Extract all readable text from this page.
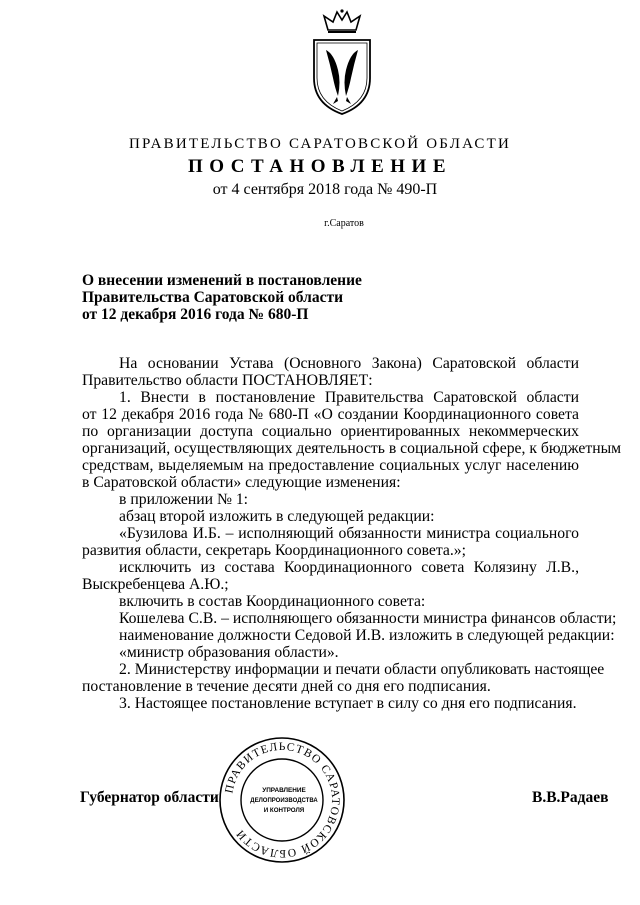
ПРАВИТЕЛЬСТВО САРАТОВСКОЙ ОБЛАСТИ
ПОСТАНОВЛЕНИЕ
от 4 сентября 2018 года № 490-П
г.Саратов
О внесении изменений в постановление
Правительства Саратовской области
от 12 декабря 2016 года № 680-П
На основании Устава (Основного Закона) Саратовской области
Правительство области ПОСТАНОВЛЯЕТ:
1. Внести в постановление Правительства Саратовской области
от 12 декабря 2016 года № 680-П «О создании Координационного совета
по организации доступа социально ориентированных некоммерческих
организаций, осуществляющих деятельность в социальной сфере, к бюджетным
средствам, выделяемым на предоставление социальных услуг населению
в Саратовской области» следующие изменения:
в приложении № 1:
абзац второй изложить в следующей редакции:
«Бузилова И.Б. – исполняющий обязанности министра социального
развития области, секретарь Координационного совета.»;
исключить из состава Координационного совета Колязину Л.В.,
Выскребенцева А.Ю.;
включить в состав Координационного совета:
Кошелева С.В. – исполняющего обязанности министра финансов области;
наименование должности Седовой И.В. изложить в следующей редакции:
«министр образования области».
2. Министерству информации и печати области опубликовать настоящее
постановление в течение десяти дней со дня его подписания.
3. Настоящее постановление вступает в силу со дня его подписания.
ПРАВИТЕЛЬСТВО САРАТОВСКОЙ ОБЛАСТИ
УПРАВЛЕНИЕ
ДЕЛОПРОИЗВОДСТВА
И КОНТРОЛЯ
Губернатор области	В.В.Радаев
